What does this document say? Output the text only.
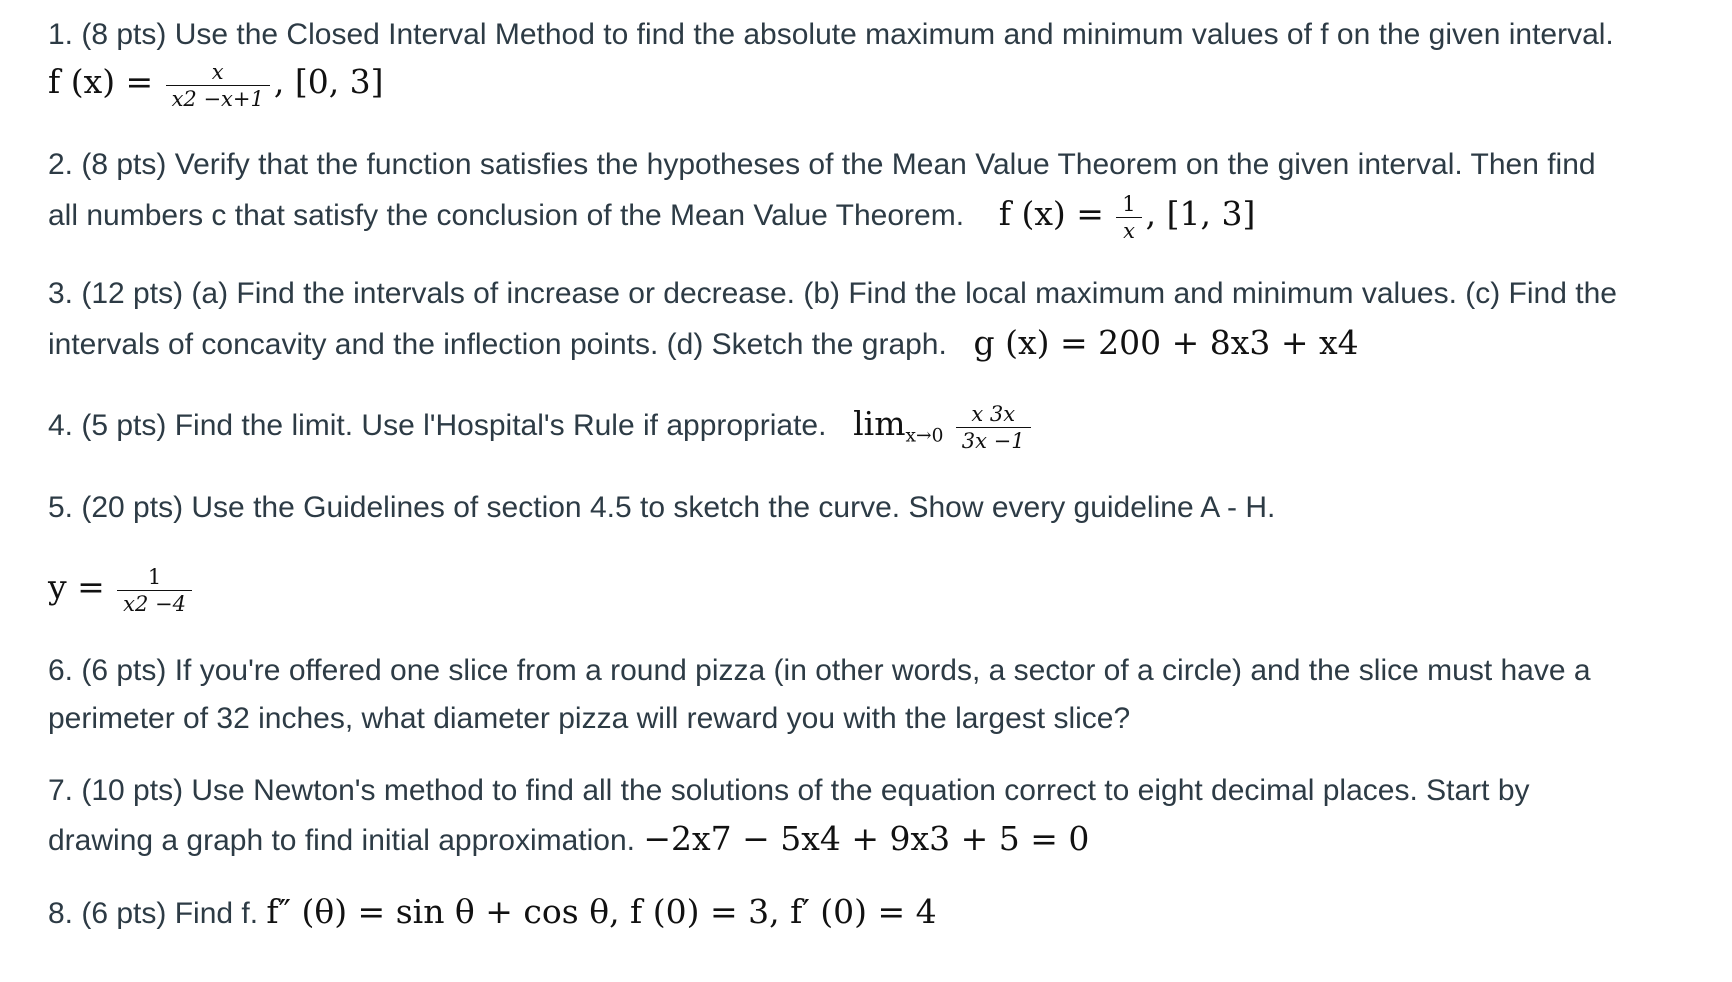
1. (8 pts) Use the Closed Interval Method to find the absolute maximum and minimum values of f on the given interval.
f $(x) = \frac{x}{x2 -x+1}$ , [0, 3]
2. (8 pts) Verify that the function satisfies the hypotheses of the Mean Value Theorem on the given interval. Then find
all numbers c that satisfy the conclusion of the Mean Value Theorem. f $(x) = \frac{1}{x}$ , [1, 3]
3. (12 pts) (a) Find the intervals of increase or decrease. (b) Find the local maximum and minimum values. (c) Find the
intervals of concavity and the inflection points. (d) Sketch the graph. g (x) = 200 + 8x3 + x4
4. (5 pts) Find the limit. Use l'Hospital's Rule if appropriate. $\lim_{x\to 0} \frac{x 3x}{3x -1}$
5. (20 pts) Use the Guidelines of section 4.5 to sketch the curve. Show every guideline A - H.
$y = \frac{1}{x2 -4}$
6. (6 pts) If you're offered one slice from a round pizza (in other words, a sector of a circle) and the slice must have a
perimeter of 32 inches, what diameter pizza will reward you with the largest slice?
7. (10 pts) Use Newton's method to find all the solutions of the equation correct to eight decimal places. Start by
drawing a graph to find initial approximation. −2x7 − 5x4 + 9x3 + 5 = 0
8. (6 pts) Find f. f″ (θ) = sin θ + cos θ, f (0) = 3, f′ (0) = 4
